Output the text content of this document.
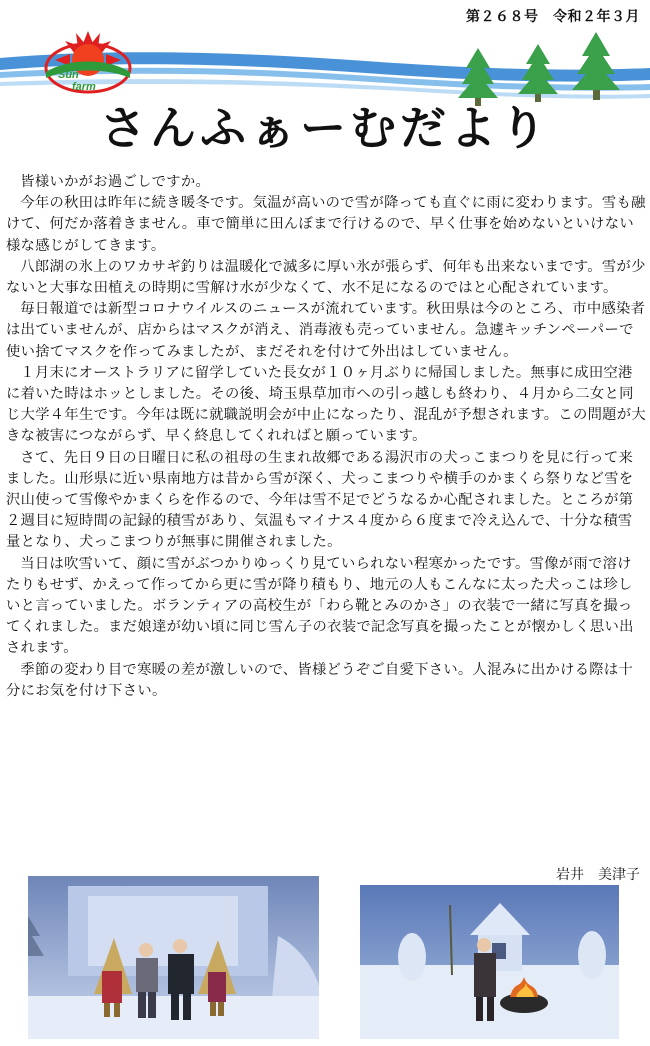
第２６８号　令和２年３月
Sun
farm
さんふぁーむだより

皆様いかがお過ごしですか。

今年の秋田は昨年に続き暖冬です。気温が高いので雪が降っても直ぐに雨に変わります。雪も融けて、何だか落着きません。車で簡単に田んぼまで行けるので、早く仕事を始めないといけない様な感じがしてきます。

八郎湖の氷上のワカサギ釣りは温暖化で滅多に厚い氷が張らず、何年も出来ないまです。雪が少ないと大事な田植えの時期に雪解け水が少なくて、水不足になるのではと心配されています。

毎日報道では新型コロナウイルスのニュースが流れています。秋田県は今のところ、市中感染者は出ていませんが、店からはマスクが消え、消毒液も売っていません。急遽キッチンペーパーで使い捨てマスクを作ってみましたが、まだそれを付けて外出はしていません。

１月末にオーストラリアに留学していた長女が１０ヶ月ぶりに帰国しました。無事に成田空港に着いた時はホッとしました。その後、埼玉県草加市への引っ越しも終わり、４月から二女と同じ大学４年生です。今年は既に就職説明会が中止になったり、混乱が予想されます。この問題が大きな被害につながらず、早く終息してくれればと願っています。

さて、先日９日の日曜日に私の祖母の生まれ故郷である湯沢市の犬っこまつりを見に行って来ました。山形県に近い県南地方は昔から雪が深く、犬っこまつりや横手のかまくら祭りなど雪を沢山使って雪像やかまくらを作るので、今年は雪不足でどうなるか心配されました。ところが第２週目に短時間の記録的積雪があり、気温もマイナス４度から６度まで冷え込んで、十分な積雪量となり、犬っこまつりが無事に開催されました。

当日は吹雪いて、顔に雪がぶつかりゆっくり見ていられない程寒かったです。雪像が雨で溶けたりもせず、かえって作ってから更に雪が降り積もり、地元の人もこんなに太った犬っこは珍しいと言っていました。ボランティアの高校生が「わら靴とみのかさ」の衣装で一緒に写真を撮ってくれました。まだ娘達が幼い頃に同じ雪ん子の衣装で記念写真を撮ったことが懐かしく思い出されます。

季節の変わり目で寒暖の差が激しいので、皆様どうぞご自愛下さい。人混みに出かける際は十分にお気を付け下さい。

岩井　美津子
